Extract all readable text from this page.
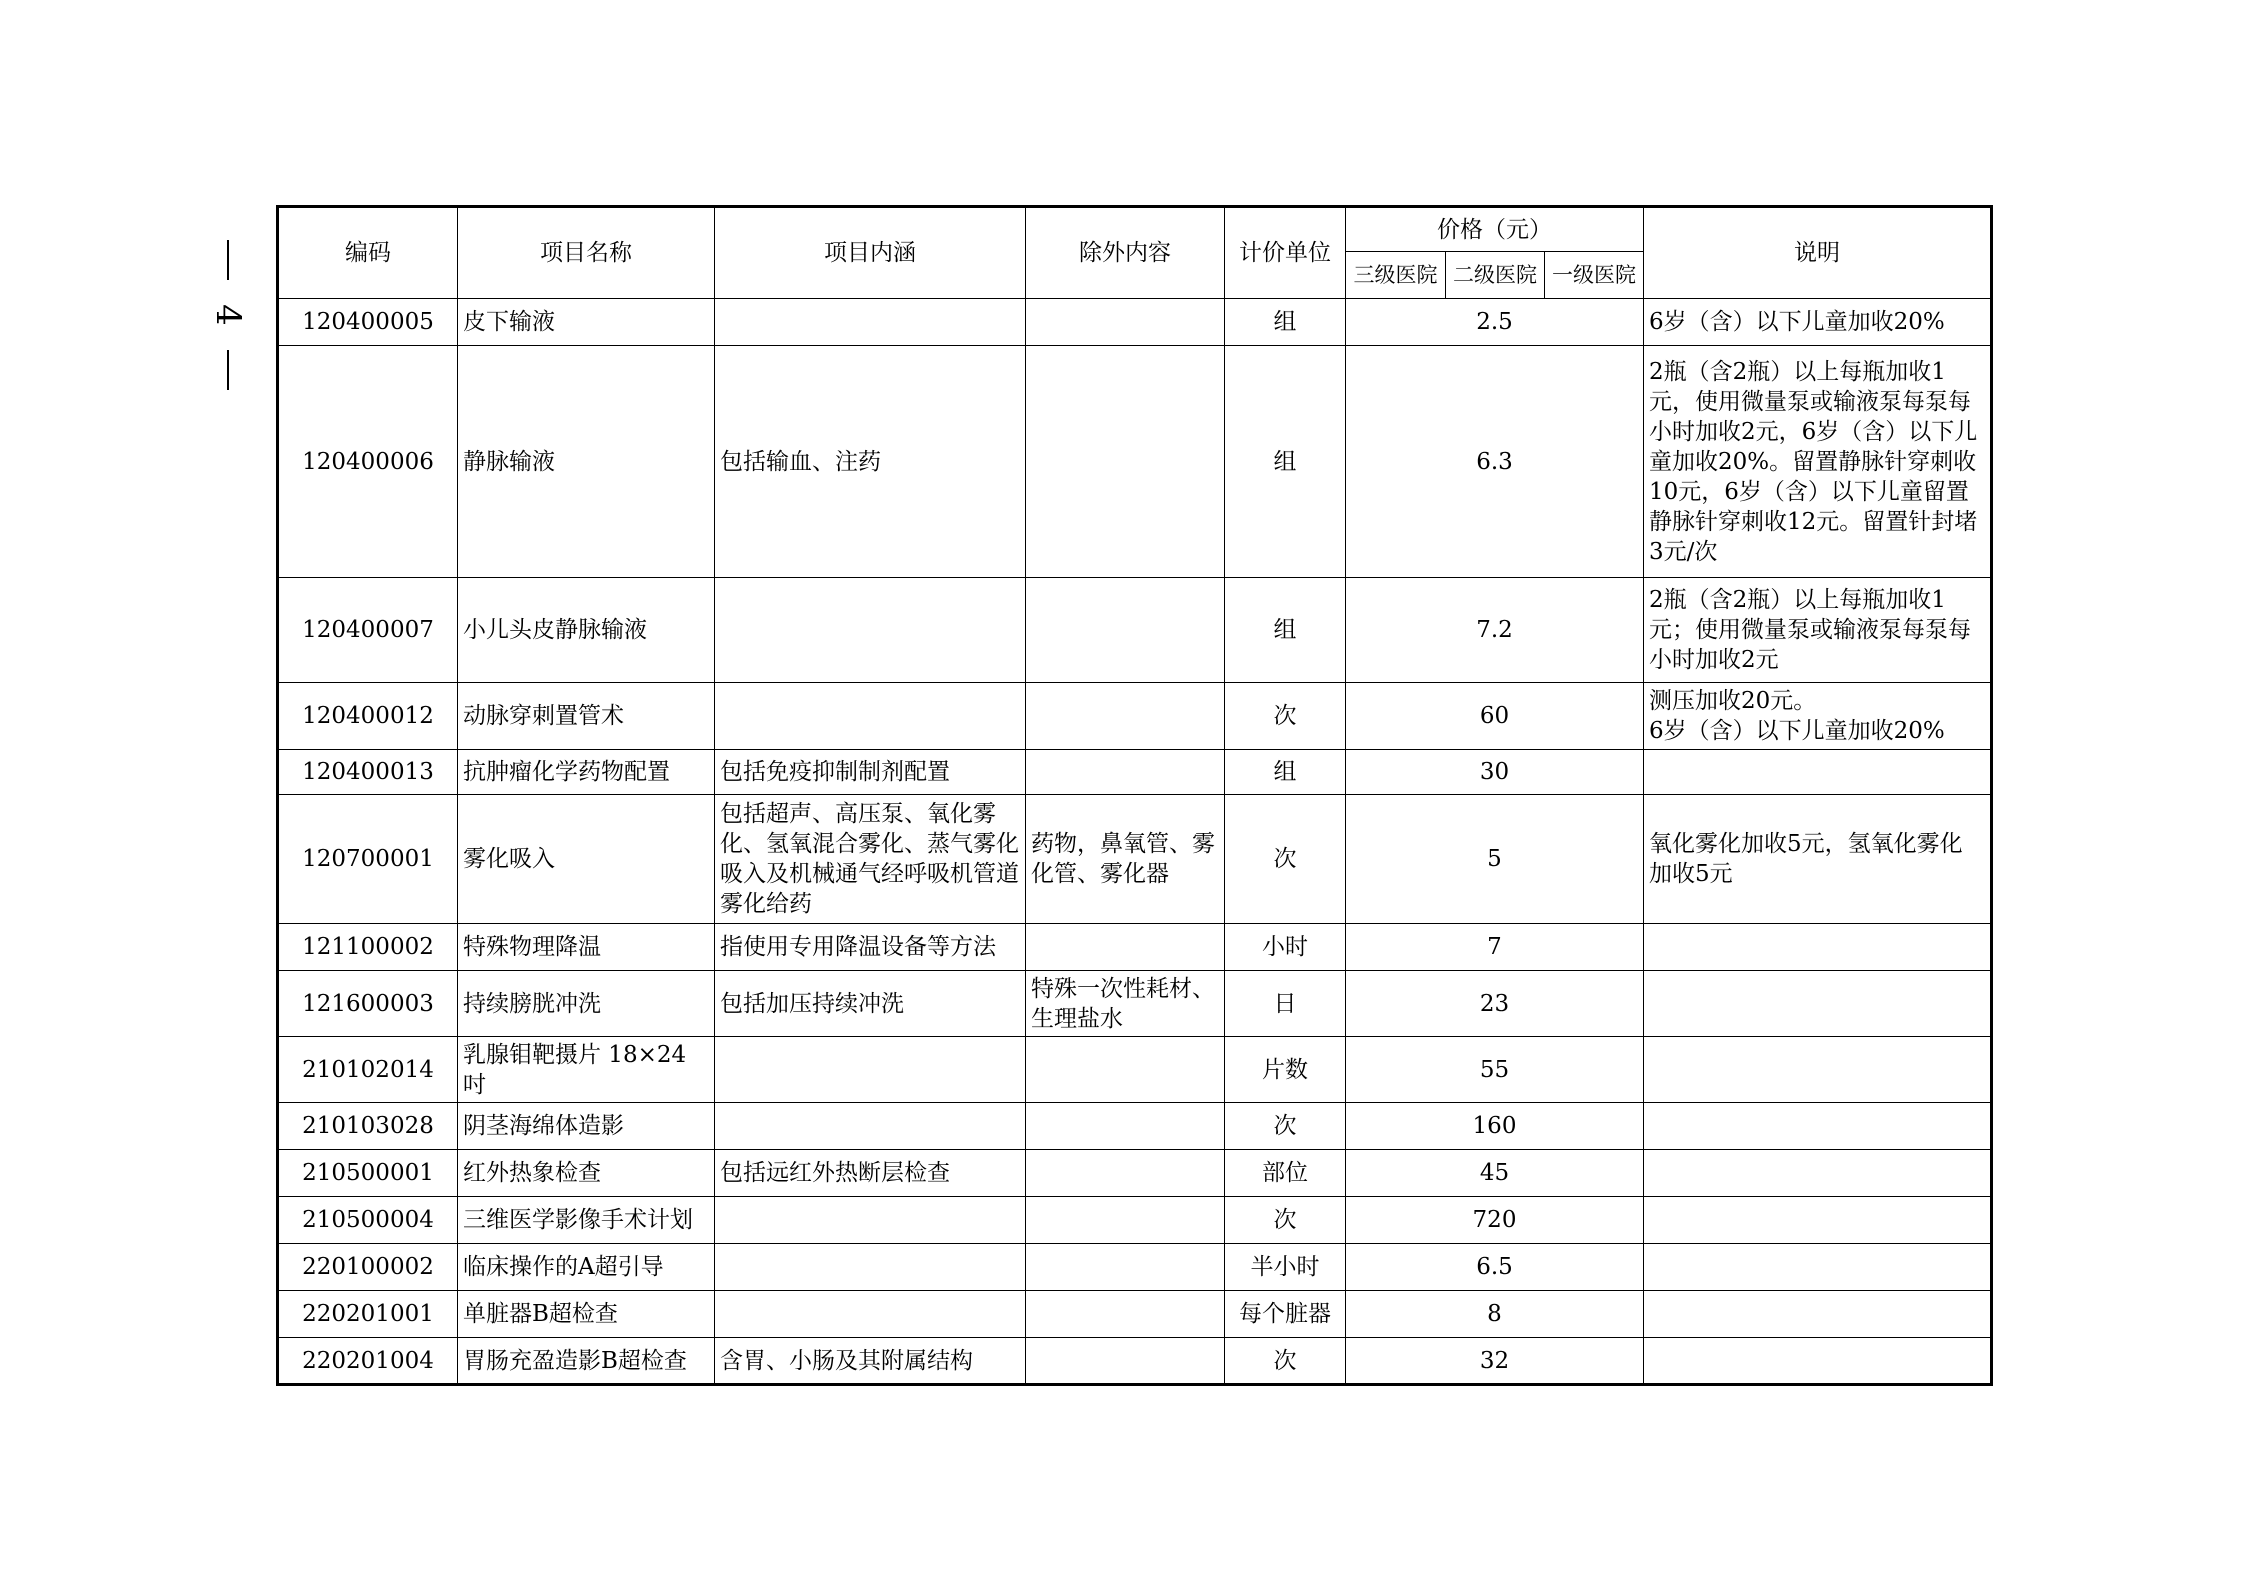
4
编码	项目名称	项目内涵	除外内容	计价单位	价格（元）			说明
					三级医院	二级医院	一级医院	
120400005	皮下输液			组	2.5			6岁（含）以下儿童加收20%
120400006	静脉输液	包括输血、注药		组	6.3			2瓶（含2瓶）以上每瓶加收1元，使用微量泵或输液泵每泵每小时加收2元，6岁（含）以下儿童加收20%。留置静脉针穿刺收10元，6岁（含）以下儿童留置静脉针穿刺收12元。留置针封堵3元/次
120400007	小儿头皮静脉输液			组	7.2			2瓶（含2瓶）以上每瓶加收1元；使用微量泵或输液泵每泵每小时加收2元
120400012	动脉穿刺置管术			次	60			测压加收20元。
6岁（含）以下儿童加收20%
120400013	抗肿瘤化学药物配置	包括免疫抑制制剂配置		组	30			
120700001	雾化吸入	包括超声、高压泵、氧化雾化、氢氧混合雾化、蒸气雾化吸入及机械通气经呼吸机管道雾化给药	药物，鼻氧管、雾化管、雾化器	次	5			氧化雾化加收5元，氢氧化雾化加收5元
121100002	特殊物理降温	指使用专用降温设备等方法		小时	7			
121600003	持续膀胱冲洗	包括加压持续冲洗	特殊一次性耗材、生理盐水	日	23			
210102014	乳腺钼靶摄片 18×24吋			片数	55			
210103028	阴茎海绵体造影			次	160			
210500001	红外热象检查	包括远红外热断层检查		部位	45			
210500004	三维医学影像手术计划			次	720			
220100002	临床操作的A超引导			半小时	6.5			
220201001	单脏器B超检查			每个脏器	8			
220201004	胃肠充盈造影B超检查	含胃、小肠及其附属结构		次	32			
